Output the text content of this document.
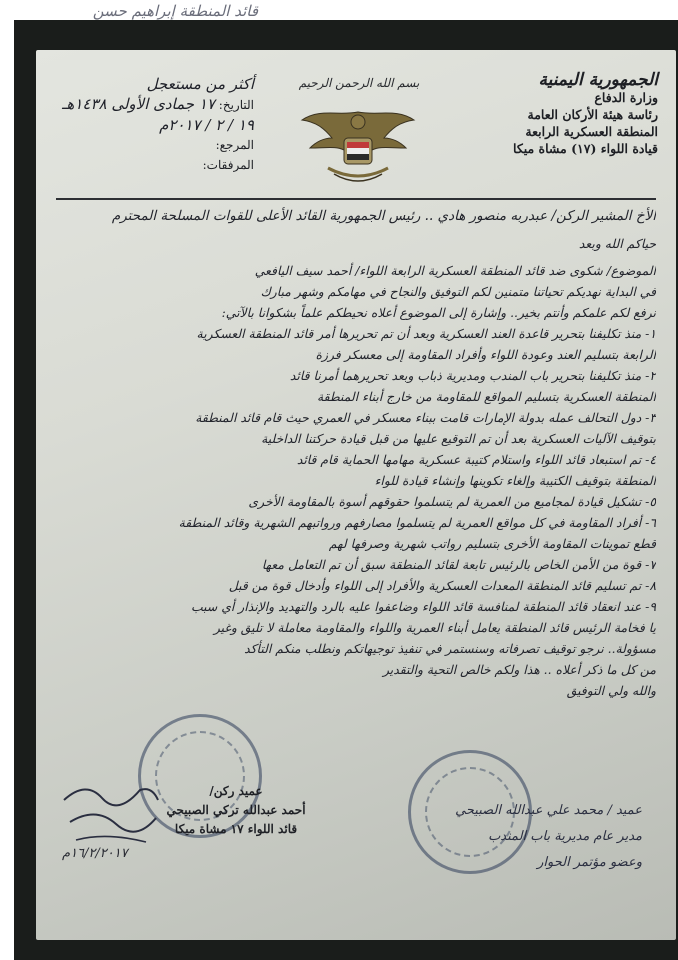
الجمهورية اليمنية
وزارة الدفاع
رئاسة هيئة الأركان العامة
المنطقة العسكرية الرابعة
قيادة اللواء (١٧) مشاة ميكا
بسم الله الرحمن الرحيم
أكثر من مستعجل
التاريخ: ١٧ جمادى الأولى ١٤٣٨هـ
١٩ / ٢ / ٢٠١٧م
المرجع:
المرفقات:

الأخ المشير الركن/ عبدربه منصور هادي .. رئيس الجمهورية القائد الأعلى للقوات المسلحة المحترم

حياكم الله وبعد

الموضوع/ شكوى ضد قائد المنطقة العسكرية الرابعة اللواء/ أحمد سيف اليافعي

في البداية نهديكم تحياتنا متمنين لكم التوفيق والنجاح في مهامكم وشهر مبارك

نرفع لكم علمكم وأنتم بخير.. وإشارة إلى الموضوع أعلاه نحيطكم علماً بشكوانا بالآتي:

١- منذ تكليفنا بتحرير قاعدة العند العسكرية وبعد أن تم تحريرها أمر قائد المنطقة العسكرية

الرابعة بتسليم العند وعودة اللواء وأفراد المقاومة إلى معسكر فرزة

٢- منذ تكليفنا بتحرير باب المندب ومديرية ذباب وبعد تحريرهما أمرنا قائد

المنطقة العسكرية بتسليم المواقع للمقاومة من خارج أبناء المنطقة

٣- دول التحالف عمله بدولة الإمارات قامت ببناء معسكر في العمري حيث قام قائد المنطقة

بتوقيف الآليات العسكرية بعد أن تم التوقيع عليها من قبل قيادة حركتنا الداخلية

٤- تم استبعاد قائد اللواء واستلام كتيبة عسكرية مهامها الحماية قام قائد

المنطقة بتوقيف الكتيبة وإلغاء تكوينها وإنشاء قيادة للواء

٥- تشكيل قيادة لمجاميع من العمرية لم يتسلموا حقوقهم أسوة بالمقاومة الأخرى

٦- أفراد المقاومة في كل مواقع العمرية لم يتسلموا مصارفهم ورواتبهم الشهرية وقائد المنطقة

قطع تموينات المقاومة الأخرى بتسليم رواتب شهرية وصرفها لهم

٧- قوة من الأمن الخاص بالرئيس تابعة لقائد المنطقة سبق أن تم التعامل معها

٨- تم تسليم قائد المنطقة المعدات العسكرية والأفراد إلى اللواء وأدخال قوة من قبل

٩- عند انعقاد قائد المنطقة لمنافسة قائد اللواء وضاعفوا عليه بالرد والتهديد والإنذار أي سبب

يا فخامة الرئيس قائد المنطقة يعامل أبناء العمرية واللواء والمقاومة معاملة لا تليق وغير

مسؤولة.. نرجو توقيف تصرفاته وسنستمر في تنفيذ توجيهاتكم ونطلب منكم التأكد

من كل ما ذكر أعلاه .. هذا ولكم خالص التحية والتقدير

والله ولي التوفيق

عميد ركن/
أحمد عبدالله تركي الصبيحي
قائد اللواء ١٧ مشاة ميكا
عميد / محمد علي عبدالله الصبيحي
مدير عام مديرية باب المندب
وعضو مؤتمر الحوار
١٦/٢/٢٠١٧م
قائد المنطقة إبراهيم حسن
